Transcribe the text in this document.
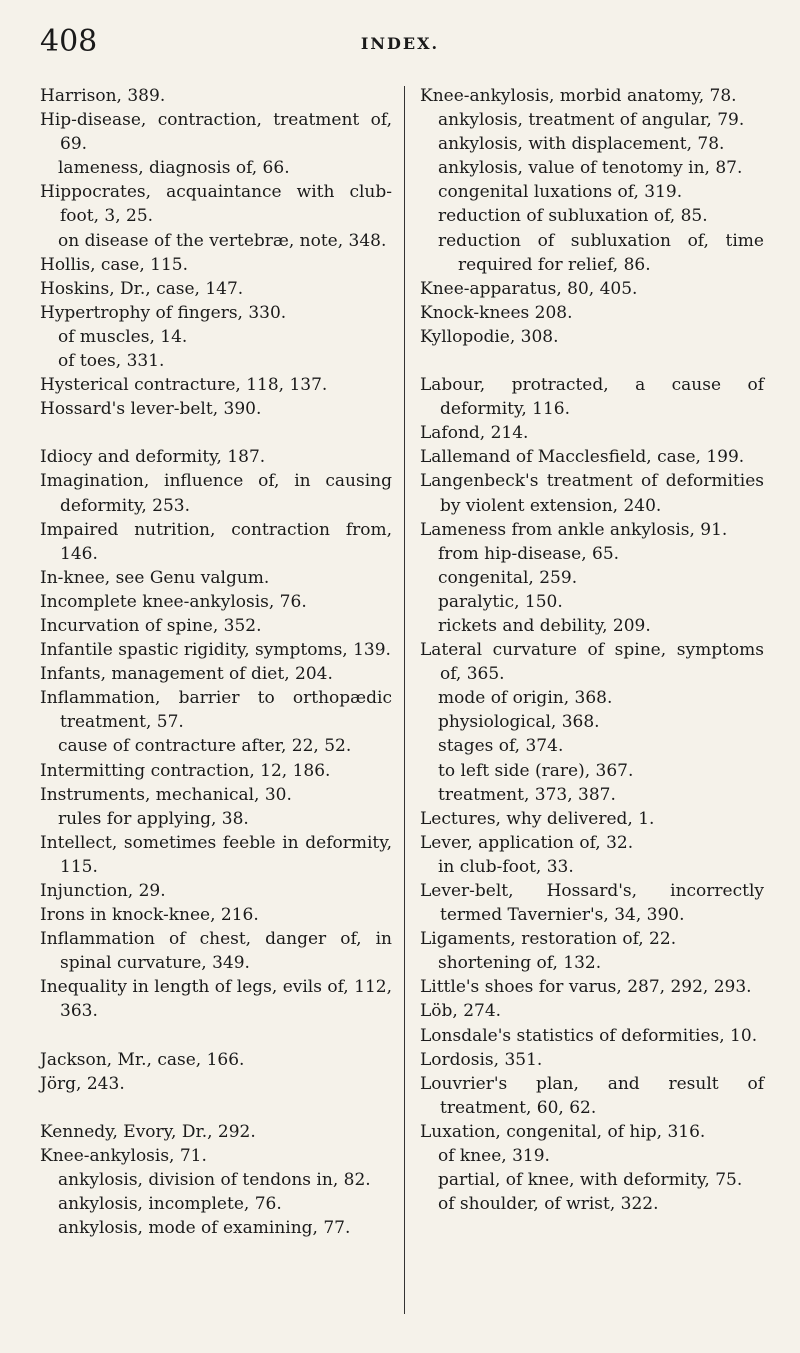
408	INDEX.
Harrison, 389.
Hip-disease, contraction, treatment of, 69.
lameness, diagnosis of, 66.
Hippocrates, acquaintance with club-foot, 3, 25.
on disease of the vertebræ, note, 348.
Hollis, case, 115.
Hoskins, Dr., case, 147.
Hypertrophy of fingers, 330.
of muscles, 14.
of toes, 331.
Hysterical contracture, 118, 137.
Hossard's lever-belt, 390.
Idiocy and deformity, 187.
Imagination, influence of, in causing deformity, 253.
Impaired nutrition, contraction from, 146.
In-knee, see Genu valgum.
Incomplete knee-ankylosis, 76.
Incurvation of spine, 352.
Infantile spastic rigidity, symptoms, 139.
Infants, management of diet, 204.
Inflammation, barrier to orthopædic treatment, 57.
cause of contracture after, 22, 52.
Intermitting contraction, 12, 186.
Instruments, mechanical, 30.
rules for applying, 38.
Intellect, sometimes feeble in deformity, 115.
Injunction, 29.
Irons in knock-knee, 216.
Inflammation of chest, danger of, in spinal curvature, 349.
Inequality in length of legs, evils of, 112, 363.
Jackson, Mr., case, 166.
Jörg, 243.
Kennedy, Evory, Dr., 292.
Knee-ankylosis, 71.
ankylosis, division of tendons in, 82.
ankylosis, incomplete, 76.
ankylosis, mode of examining, 77.
Knee-ankylosis, morbid anatomy, 78.
ankylosis, treatment of angular, 79.
ankylosis, with displacement, 78.
ankylosis, value of tenotomy in, 87.
congenital luxations of, 319.
reduction of subluxation of, 85.
reduction of subluxation of, time required for relief, 86.
Knee-apparatus, 80, 405.
Knock-knees 208.
Kyllopodie, 308.
Labour, protracted, a cause of deformity, 116.
Lafond, 214.
Lallemand of Macclesfield, case, 199.
Langenbeck's treatment of deformities by violent extension, 240.
Lameness from ankle ankylosis, 91.
from hip-disease, 65.
congenital, 259.
paralytic, 150.
rickets and debility, 209.
Lateral curvature of spine, symptoms of, 365.
mode of origin, 368.
physiological, 368.
stages of, 374.
to left side (rare), 367.
treatment, 373, 387.
Lectures, why delivered, 1.
Lever, application of, 32.
in club-foot, 33.
Lever-belt, Hossard's, incorrectly termed Tavernier's, 34, 390.
Ligaments, restoration of, 22.
shortening of, 132.
Little's shoes for varus, 287, 292, 293.
Löb, 274.
Lonsdale's statistics of deformities, 10.
Lordosis, 351.
Louvrier's plan, and result of treatment, 60, 62.
Luxation, congenital, of hip, 316.
of knee, 319.
partial, of knee, with deformity, 75.
of shoulder, of wrist, 322.
